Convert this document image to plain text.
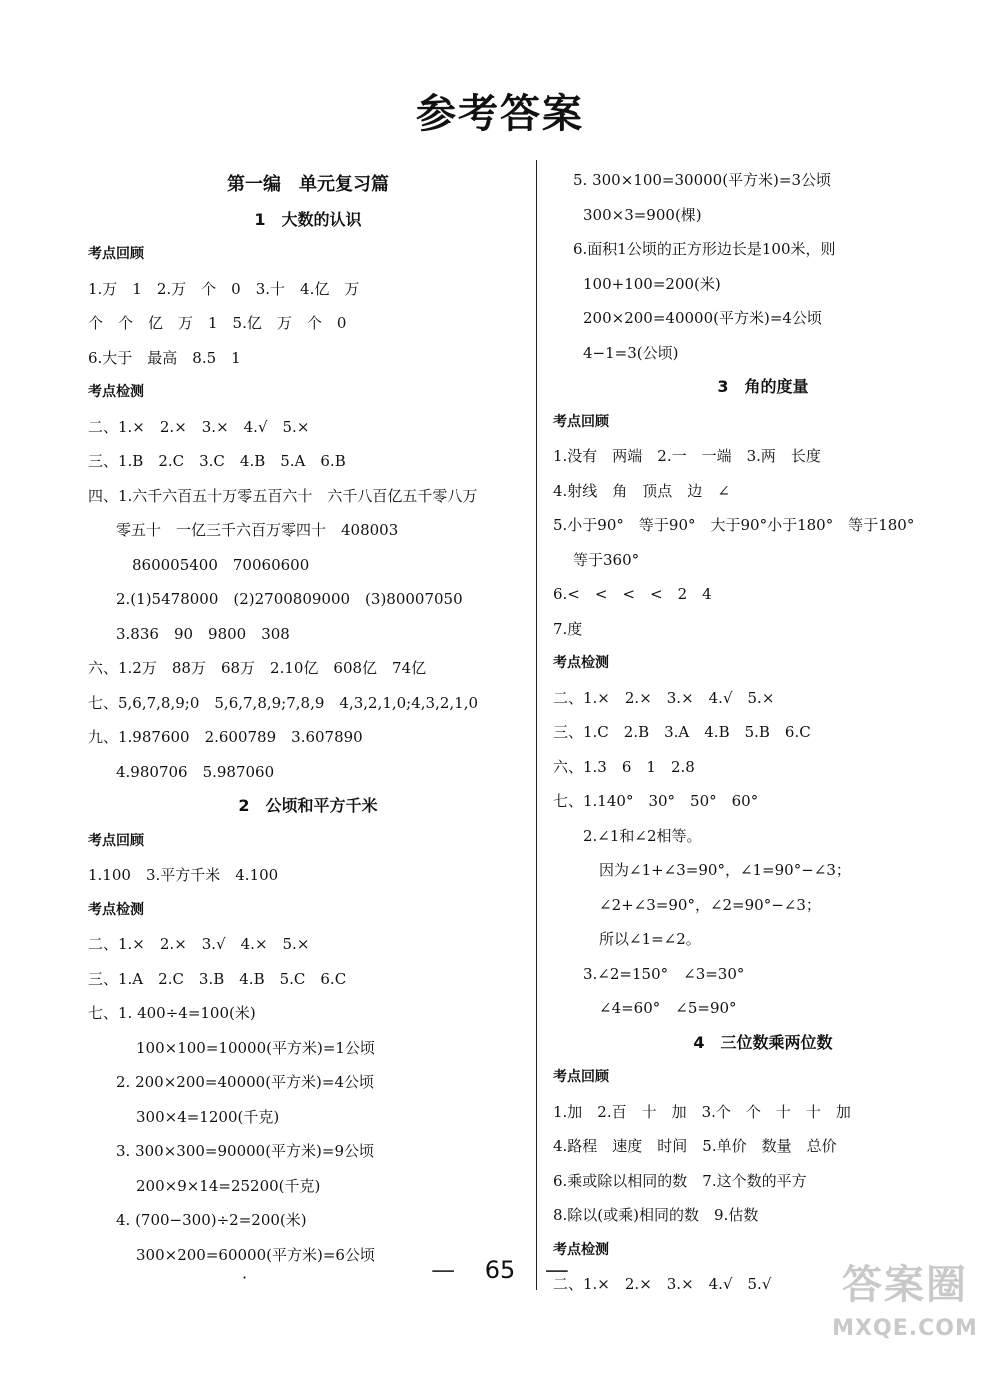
参考答案
第一编　单元复习篇
1　大数的认识
考点回顾
1.万　1　2.万　个　0　3.十　4.亿　万
个　个　亿　万　1　5.亿　万　个　0
6.大于　最高　8.5　1
考点检测
二、1.×　2.×　3.×　4.√　5.×
三、1.B　2.C　3.C　4.B　5.A　6.B
四、1.六千六百五十万零五百六十　六千八百亿五千零八万
零五十　一亿三千六百万零四十　408003
860005400　70060600
2.(1)5478000　(2)2700809000　(3)80007050
3.836　90　9800　308
六、1.2万　88万　68万　2.10亿　608亿　74亿
七、5,6,7,8,9;0　5,6,7,8,9;7,8,9　4,3,2,1,0;4,3,2,1,0
九、1.987600　2.600789　3.607890
4.980706　5.987060
2　公顷和平方千米
考点回顾
1.100　3.平方千米　4.100
考点检测
二、1.×　2.×　3.√　4.×　5.×
三、1.A　2.C　3.B　4.B　5.C　6.C
七、1. 400÷4=100(米)
100×100=10000(平方米)=1公顷
2. 200×200=40000(平方米)=4公顷
300×4=1200(千克)
3. 300×300=90000(平方米)=9公顷
200×9×14=25200(千克)
4. (700−300)÷2=200(米)
300×200=60000(平方米)=6公顷
5. 300×100=30000(平方米)=3公顷
300×3=900(棵)
6.面积1公顷的正方形边长是100米，则
100+100=200(米)
200×200=40000(平方米)=4公顷
4−1=3(公顷)
3　角的度量
考点回顾
1.没有　两端　2.一　一端　3.两　长度
4.射线　角　顶点　边　∠
5.小于90°　等于90°　大于90°小于180°　等于180°
等于360°
6.<　<　<　<　2　4
7.度
考点检测
二、1.×　2.×　3.×　4.√　5.×
三、1.C　2.B　3.A　4.B　5.B　6.C
六、1.3　6　1　2.8
七、1.140°　30°　50°　60°
2.∠1和∠2相等。
因为∠1+∠3=90°，∠1=90°−∠3；
∠2+∠3=90°，∠2=90°−∠3；
所以∠1=∠2。
3.∠2=150°　∠3=30°
∠4=60°　∠5=90°
4　三位数乘两位数
考点回顾
1.加　2.百　十　加　3.个　个　十　十　加
4.路程　速度　时间　5.单价　数量　总价
6.乘或除以相同的数　7.这个数的平方
8.除以(或乘)相同的数　9.估数
考点检测
二、1.×　2.×　3.×　4.√　5.√
·	— 65 —	答案圈
MXQE.COM
